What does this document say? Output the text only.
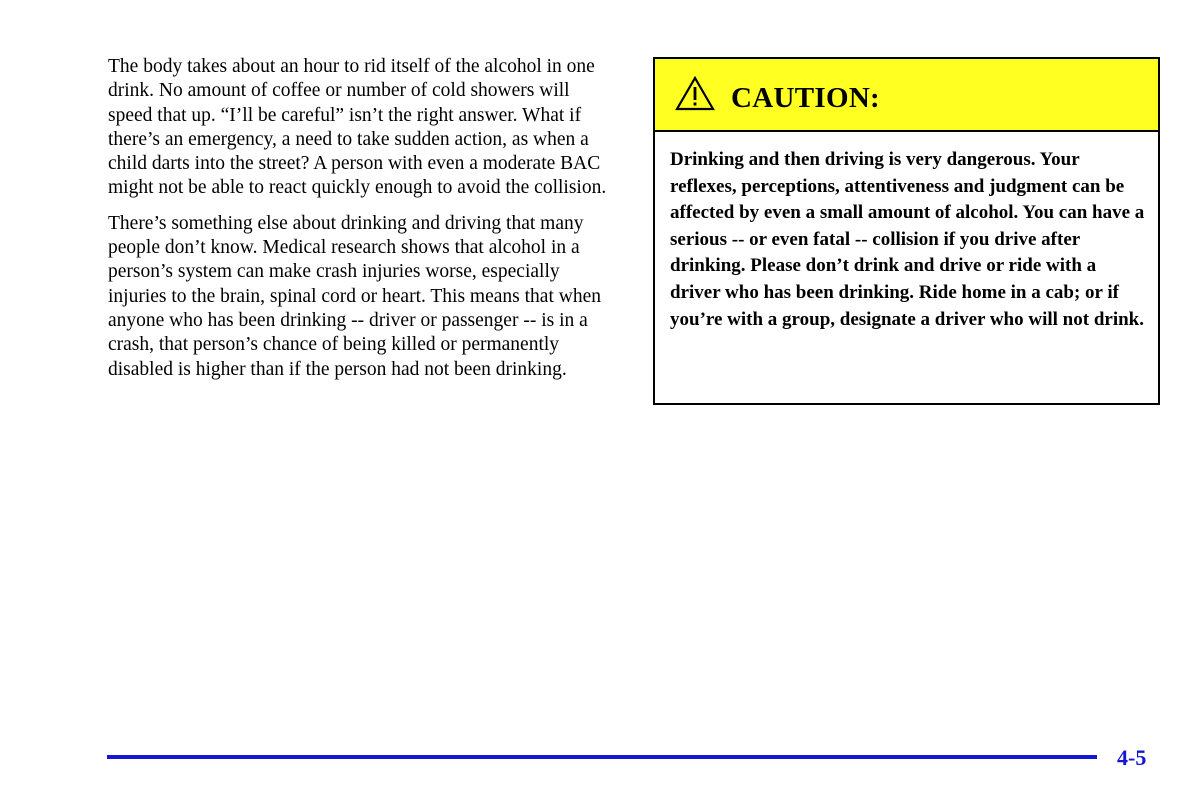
The body takes about an hour to rid itself of the alcohol in one drink. No amount of coffee or number of cold showers will speed that up. “I’ll be careful” isn’t the right answer. What if there’s an emergency, a need to take sudden action, as when a child darts into the street? A person with even a moderate BAC might not be able to react quickly enough to avoid the collision.

There’s something else about drinking and driving that many people don’t know. Medical research shows that alcohol in a person’s system can make crash injuries worse, especially injuries to the brain, spinal cord or heart. This means that when anyone who has been drinking -- driver or passenger -- is in a crash, that person’s chance of being killed or permanently disabled is higher than if the person had not been drinking.

CAUTION:

Drinking and then driving is very dangerous. Your reflexes, perceptions, attentiveness and judgment can be affected by even a small amount of alcohol. You can have a serious -- or even fatal -- collision if you drive after drinking. Please don’t drink and drive or ride with a driver who has been drinking. Ride home in a cab; or if you’re with a group, designate a driver who will not drink.

4-5
